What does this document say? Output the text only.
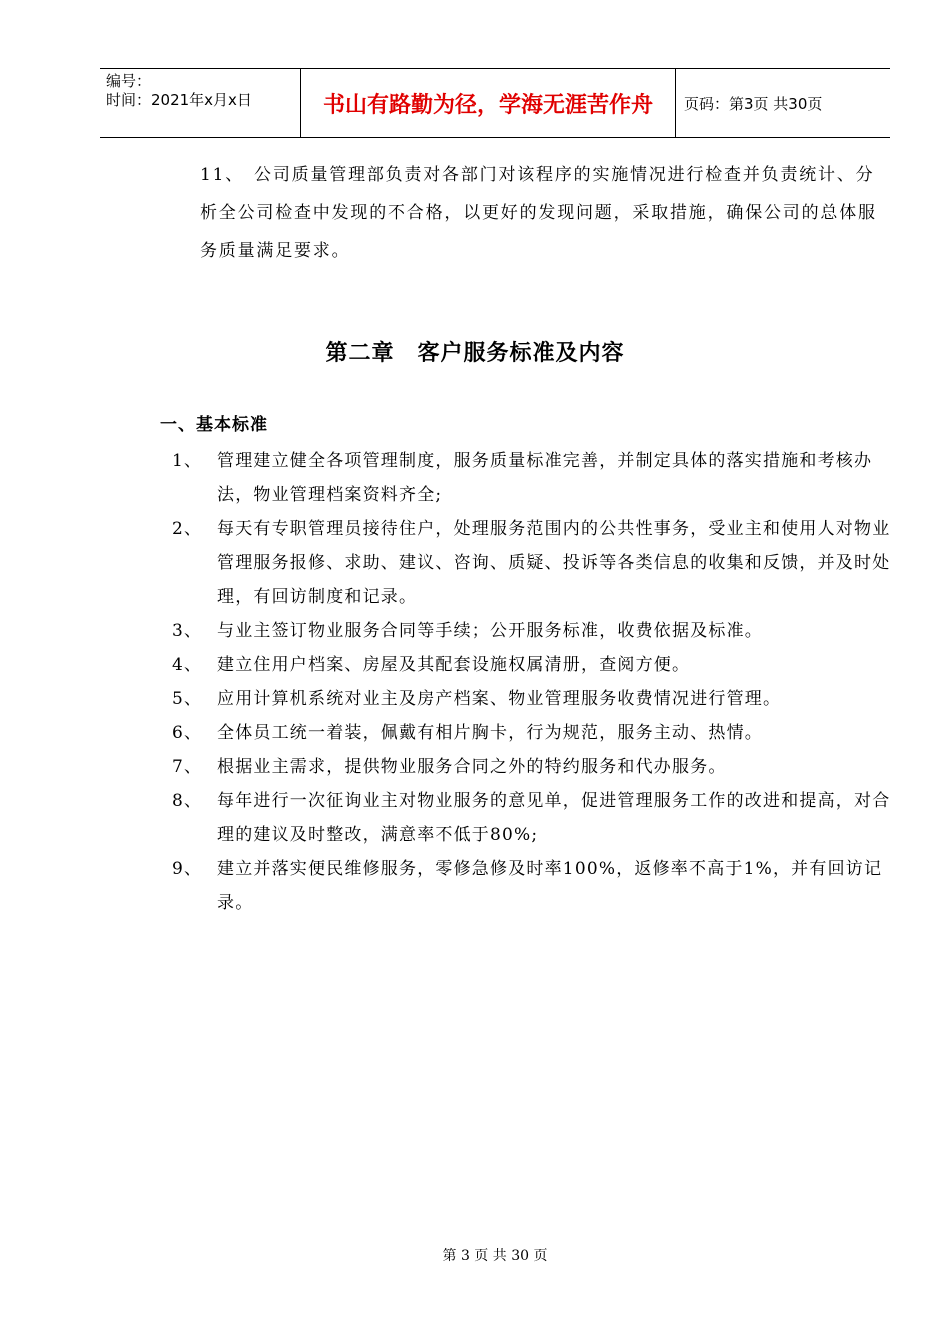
编号：
时间：2021年x月x日	书山有路勤为径，学海无涯苦作舟	页码：第3页 共30页
11、 公司质量管理部负责对各部门对该程序的实施情况进行检查并负责统计、分析全公司检查中发现的不合格，以更好的发现问题，采取措施，确保公司的总体服务质量满足要求。
第二章　客户服务标准及内容
一、基本标准
1、 管理建立健全各项管理制度，服务质量标准完善，并制定具体的落实措施和考核办法，物业管理档案资料齐全;
2、 每天有专职管理员接待住户，处理服务范围内的公共性事务，受业主和使用人对物业管理服务报修、求助、建议、咨询、质疑、投诉等各类信息的收集和反馈，并及时处理，有回访制度和记录。
3、 与业主签订物业服务合同等手续；公开服务标准，收费依据及标准。
4、 建立住用户档案、房屋及其配套设施权属清册，查阅方便。
5、 应用计算机系统对业主及房产档案、物业管理服务收费情况进行管理。
6、 全体员工统一着装，佩戴有相片胸卡，行为规范，服务主动、热情。
7、 根据业主需求，提供物业服务合同之外的特约服务和代办服务。
8、 每年进行一次征询业主对物业服务的意见单，促进管理服务工作的改进和提高，对合理的建议及时整改，满意率不低于80%;
9、 建立并落实便民维修服务，零修急修及时率100%，返修率不高于1%，并有回访记录。
第 3 页 共 30 页
